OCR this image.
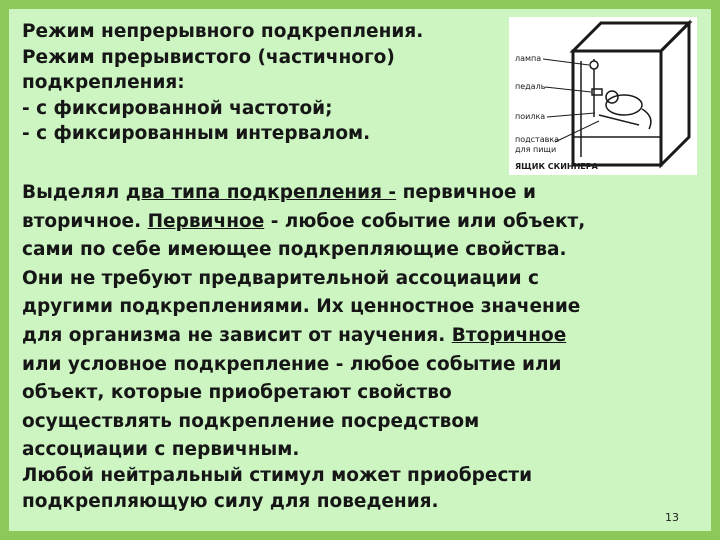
Режим непрерывного подкрепления.
Режим прерывистого (частичного)
подкрепления:
- с фиксированной частотой;
- с фиксированным интервалом.
Выделял два типа подкрепления - первичное и
вторичное. Первичное - любое событие или объект,
сами по себе имеющее подкрепляющие свойства.
Они не требуют предварительной ассоциации с
другими подкреплениями. Их ценностное значение
для организма не зависит от научения. Вторичное
или условное подкрепление - любое событие или
объект, которые приобретают свойство
осуществлять подкрепление посредством
ассоциации с первичным.
Любой нейтральный стимул может приобрести
подкрепляющую силу для поведения.
13
лампа
педаль
поилка
подставка
для пищи
ЯЩИК СКИННЕРА
